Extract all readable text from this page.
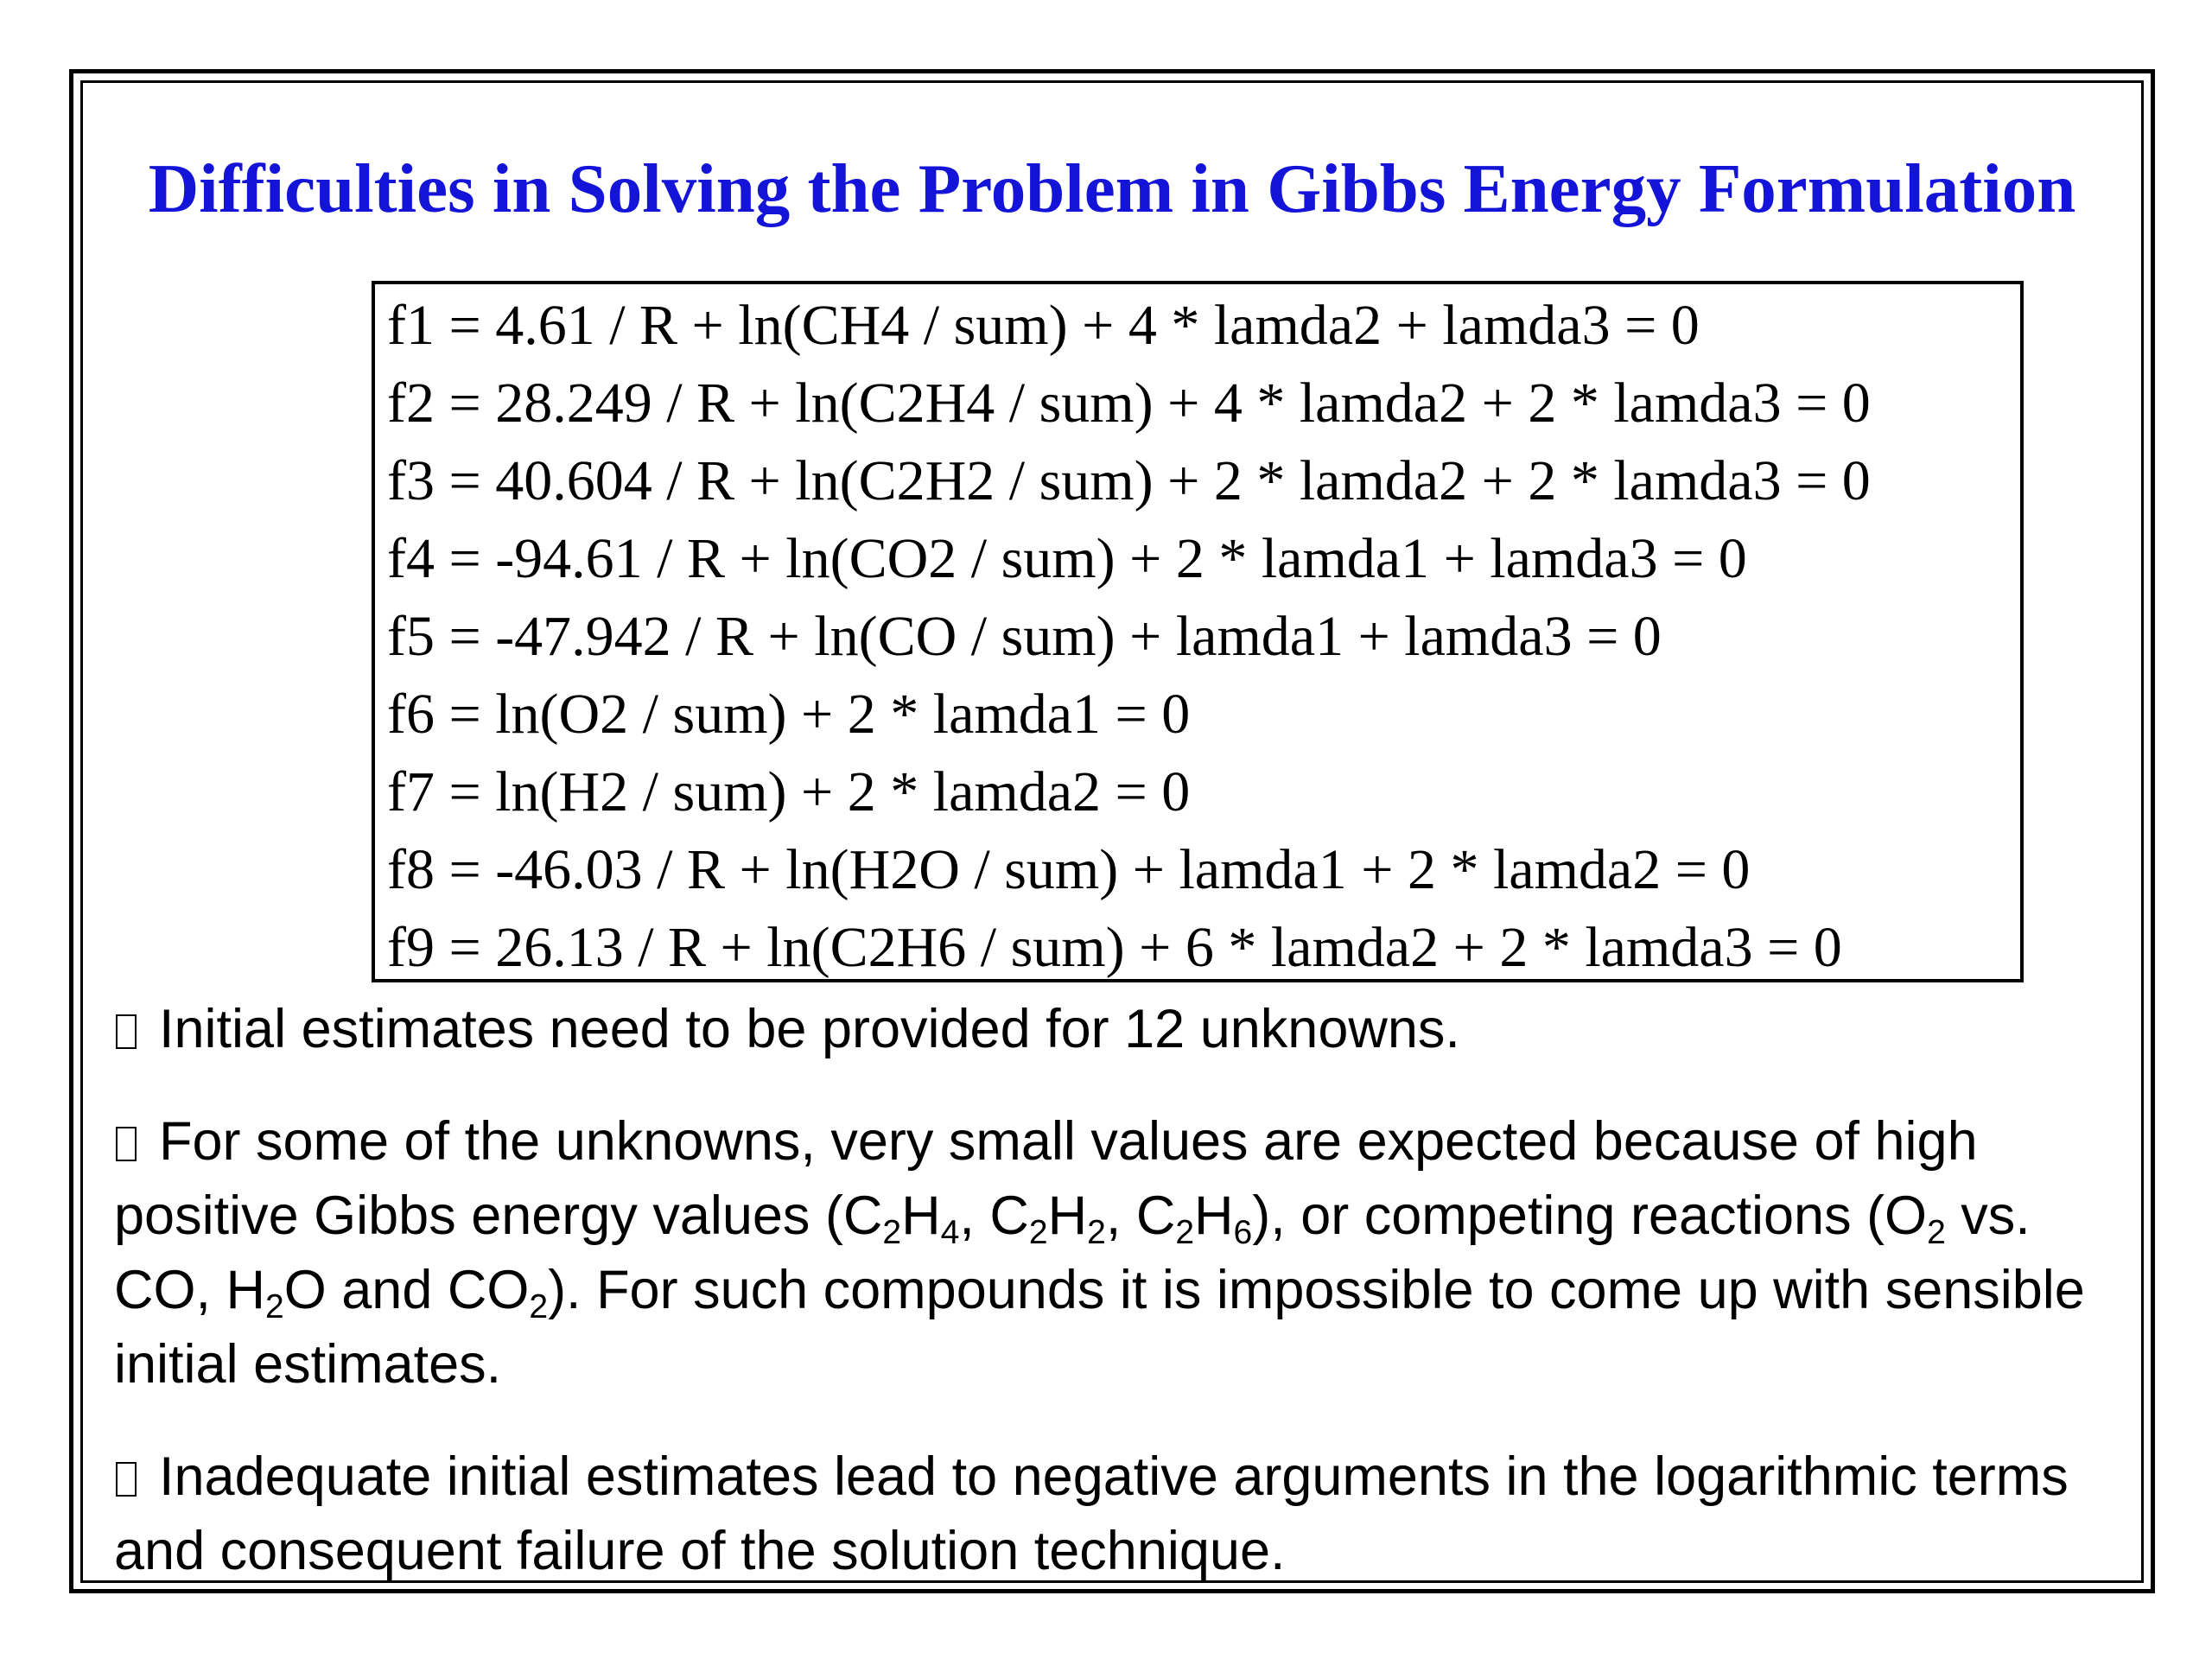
Difficulties in Solving the Problem in Gibbs Energy Formulation
f1 = 4.61 / R + ln(CH4 / sum) + 4 * lamda2 + lamda3 = 0
f2 = 28.249 / R + ln(C2H4 / sum) + 4 * lamda2 + 2 * lamda3 = 0
f3 = 40.604 / R + ln(C2H2 / sum) + 2 * lamda2 + 2 * lamda3 = 0
f4 = -94.61 / R + ln(CO2 / sum) + 2 * lamda1 + lamda3 = 0
f5 = -47.942 / R + ln(CO / sum) + lamda1 + lamda3 = 0
f6 = ln(O2 / sum) + 2 * lamda1 = 0
f7 = ln(H2 / sum) + 2 * lamda2 = 0
f8 = -46.03 / R + ln(H2O / sum) + lamda1 + 2 * lamda2 = 0
f9 = 26.13 / R + ln(C2H6 / sum) + 6 * lamda2 + 2 * lamda3 = 0
Initial estimates need to be provided for 12 unknowns.
For some of the unknowns, very small values are expected because of high positive Gibbs energy values ($C_2H_4$, $C_2H_2$, $C_2H_6$), or competing reactions ($O_2$ vs. CO, $H_2O$ and $CO_2$). For such compounds it is impossible to come up with sensible initial estimates.
Inadequate initial estimates lead to negative arguments in the logarithmic terms and consequent failure of the solution technique.
